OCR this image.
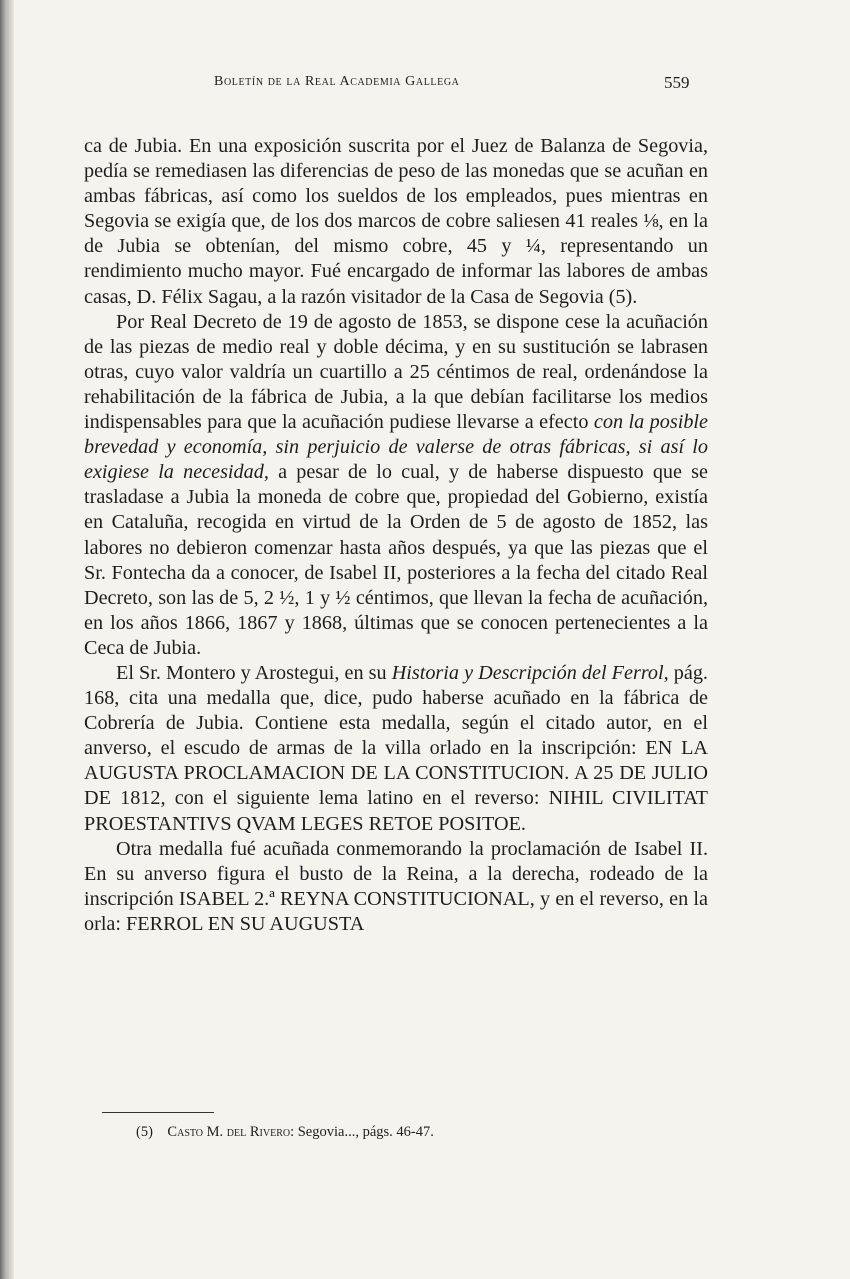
Boletín de la Real Academia Gallega	559

ca de Jubia. En una exposición suscrita por el Juez de Balanza de Segovia, pedía se remediasen las diferencias de peso de las monedas que se acuñan en ambas fábricas, así como los sueldos de los empleados, pues mientras en Segovia se exigía que, de los dos marcos de cobre saliesen 41 reales ⅛, en la de Jubia se obtenían, del mismo cobre, 45 y ¼, representando un rendimiento mucho mayor. Fué encargado de informar las labores de ambas casas, D. Félix Sagau, a la razón visitador de la Casa de Segovia (5).

Por Real Decreto de 19 de agosto de 1853, se dispone cese la acuñación de las piezas de medio real y doble décima, y en su sustitución se labrasen otras, cuyo valor valdría un cuartillo a 25 céntimos de real, ordenándose la rehabilitación de la fábrica de Jubia, a la que debían facilitarse los medios indispensables para que la acuñación pudiese llevarse a efecto con la posible brevedad y economía, sin perjuicio de valerse de otras fábricas, si así lo exigiese la necesidad, a pesar de lo cual, y de haberse dispuesto que se trasladase a Jubia la moneda de cobre que, propiedad del Gobierno, existía en Cataluña, recogida en virtud de la Orden de 5 de agosto de 1852, las labores no debieron comenzar hasta años después, ya que las piezas que el Sr. Fontecha da a conocer, de Isabel II, posteriores a la fecha del citado Real Decreto, son las de 5, 2 ½, 1 y ½ céntimos, que llevan la fecha de acuñación, en los años 1866, 1867 y 1868, últimas que se conocen pertenecientes a la Ceca de Jubia.

El Sr. Montero y Arostegui, en su Historia y Descripción del Ferrol, pág. 168, cita una medalla que, dice, pudo haberse acuñado en la fábrica de Cobrería de Jubia. Contiene esta medalla, según el citado autor, en el anverso, el escudo de armas de la villa orlado en la inscripción: EN LA AUGUSTA PROCLAMACION DE LA CONSTITUCION. A 25 DE JULIO DE 1812, con el siguiente lema latino en el reverso: NIHIL CIVILITAT PROESTANTIVS QVAM LEGES RETOE POSITOE.

Otra medalla fué acuñada conmemorando la proclamación de Isabel II. En su anverso figura el busto de la Reina, a la derecha, rodeado de la inscripción ISABEL 2.ª REYNA CONSTITUCIONAL, y en el reverso, en la orla: FERROL EN SU AUGUSTA

(5) Casto M. del Rivero: Segovia..., págs. 46-47.
